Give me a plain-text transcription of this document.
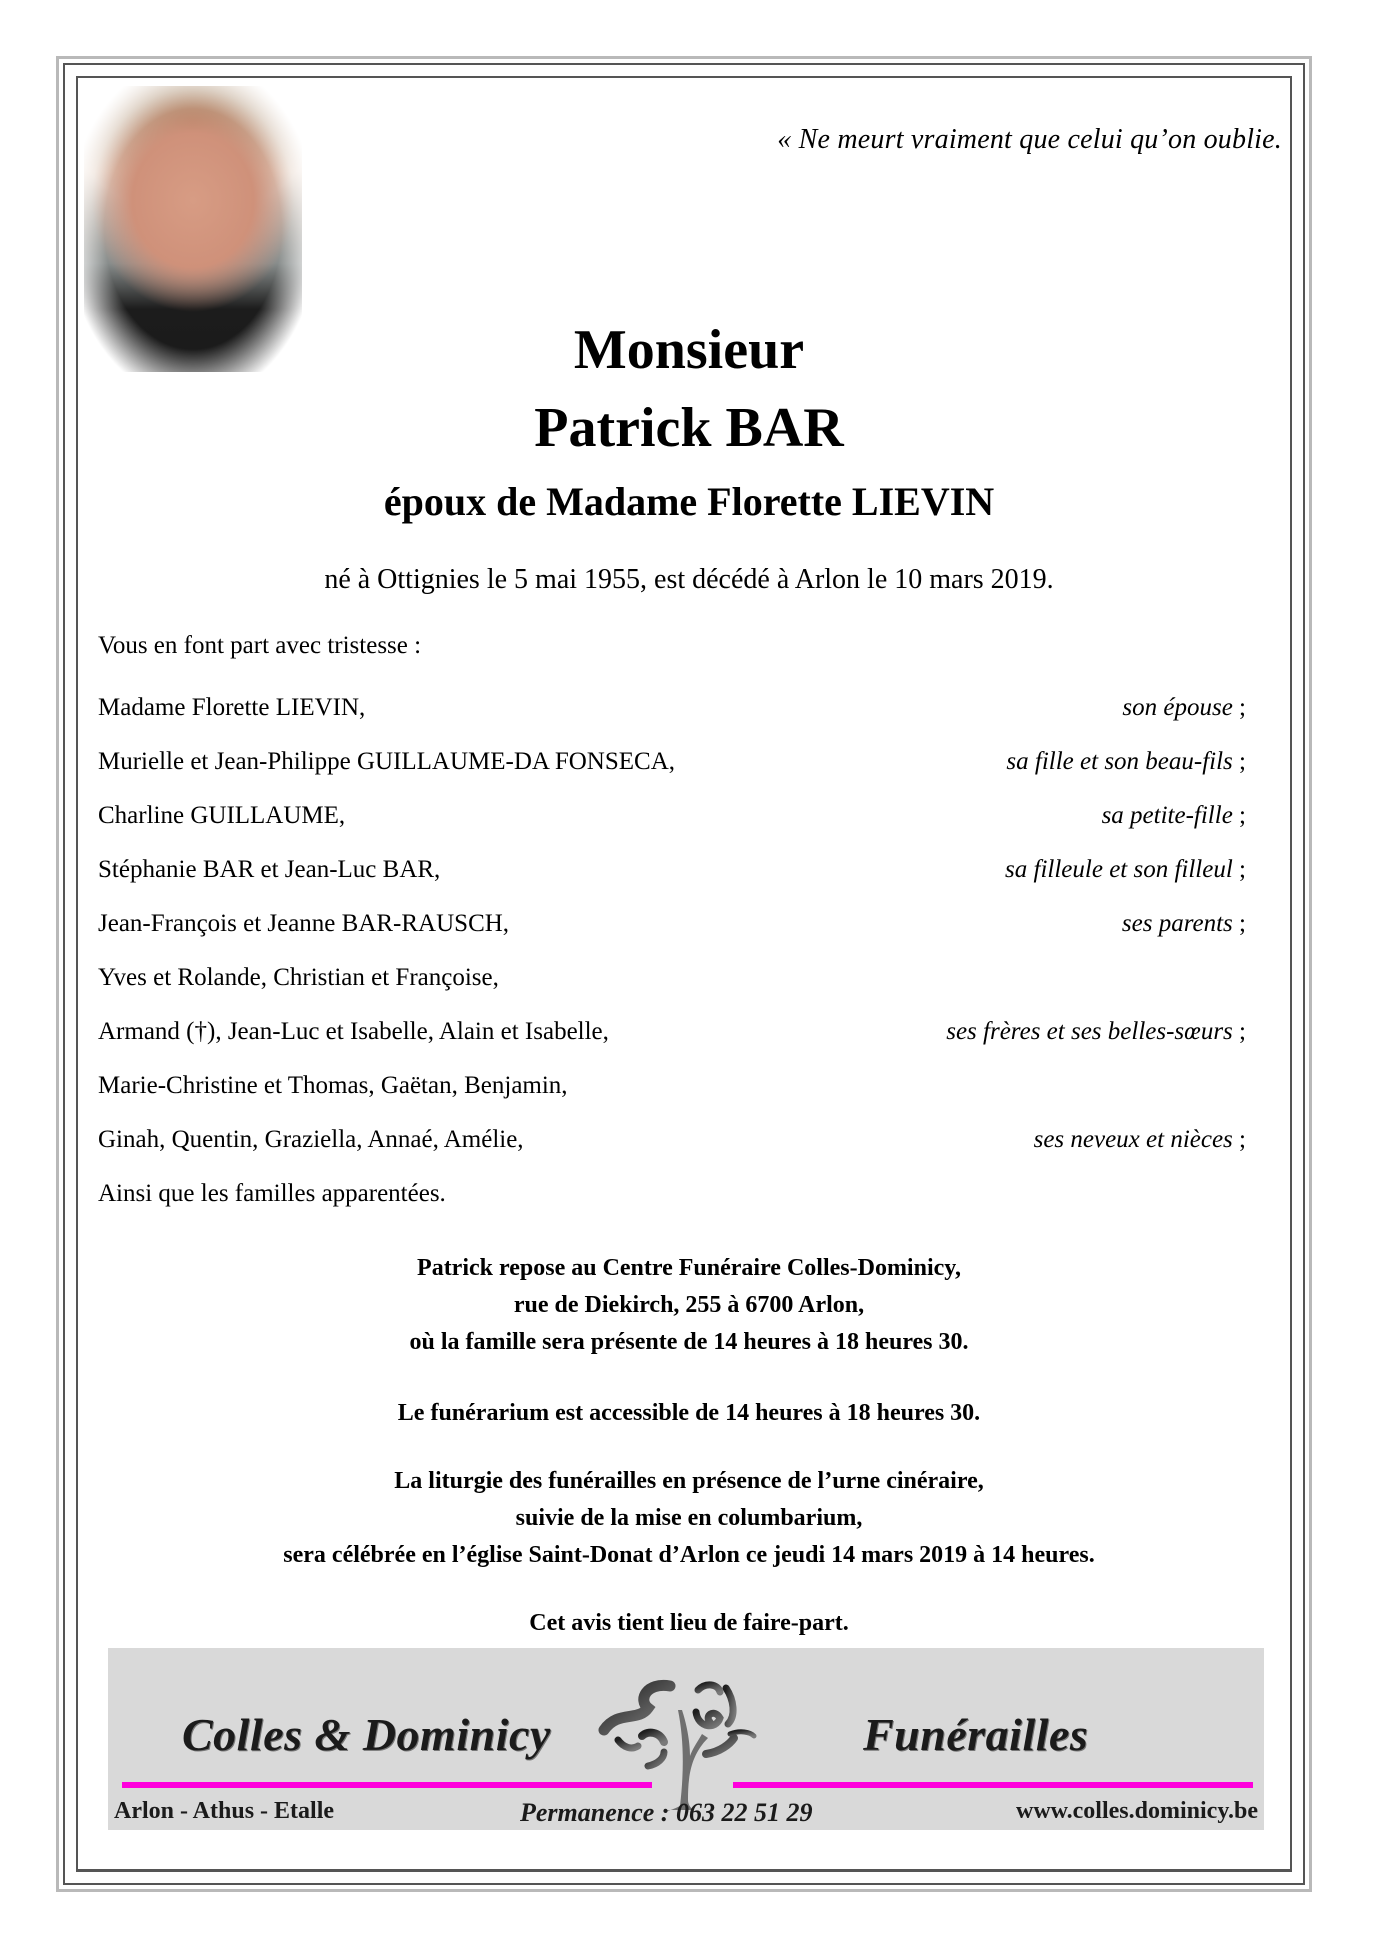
« Ne meurt vraiment que celui qu’on oublie.
Monsieur
Patrick BAR
époux de Madame Florette LIEVIN
né à Ottignies le 5 mai 1955, est décédé à Arlon le 10 mars 2019.
Vous en font part avec tristesse :
Madame Florette LIEVIN,	son épouse ;
Murielle et Jean-Philippe GUILLAUME-DA FONSECA,	sa fille et son beau-fils ;
Charline GUILLAUME,	sa petite-fille ;
Stéphanie BAR et Jean-Luc BAR,	sa filleule et son filleul ;
Jean-François et Jeanne BAR-RAUSCH,	ses parents ;
Yves et Rolande, Christian et Françoise,
Armand (†), Jean-Luc et Isabelle, Alain et Isabelle,	ses frères et ses belles-sœurs ;
Marie-Christine et Thomas, Gaëtan, Benjamin,
Ginah, Quentin, Graziella, Annaé, Amélie,	ses neveux et nièces ;
Ainsi que les familles apparentées.
Patrick repose au Centre Funéraire Colles-Dominicy,
rue de Diekirch, 255 à 6700 Arlon,
où la famille sera présente de 14 heures à 18 heures 30.
Le funérarium est accessible de 14 heures à 18 heures 30.
La liturgie des funérailles en présence de l’urne cinéraire,
suivie de la mise en columbarium,
sera célébrée en l’église Saint-Donat d’Arlon ce jeudi 14 mars 2019 à 14 heures.
Cet avis tient lieu de faire-part.
Colles & Dominicy	Funérailles
Arlon - Athus - Etalle	Permanence : 063 22 51 29	www.colles.dominicy.be
